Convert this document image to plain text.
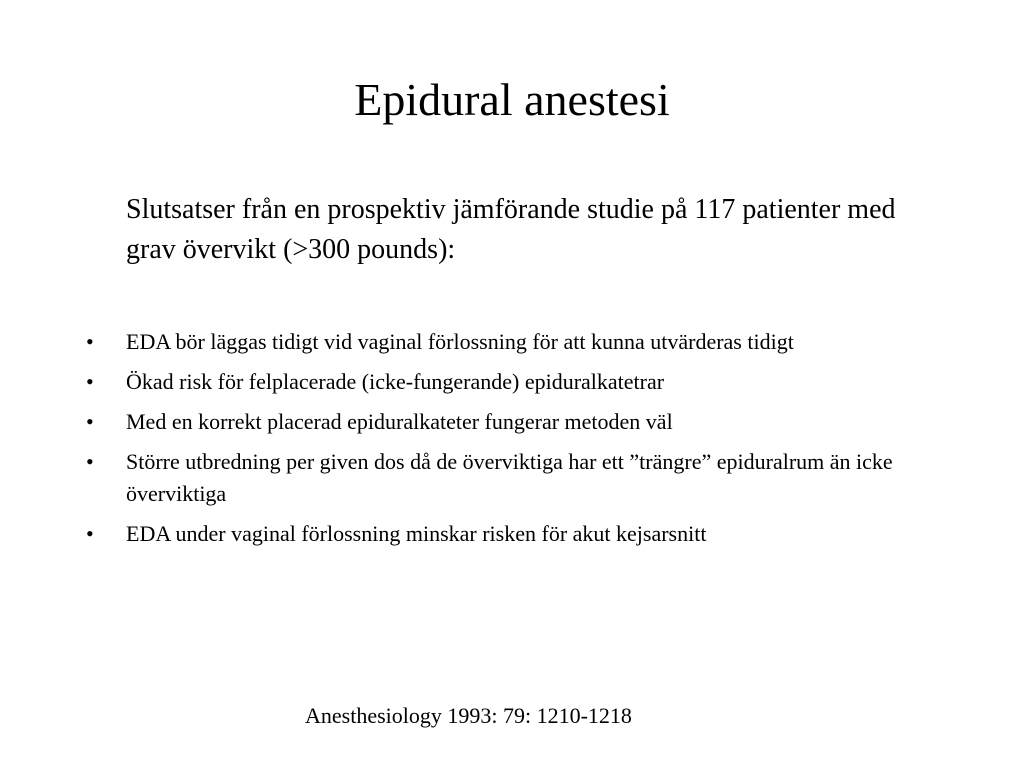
Epidural anestesi

Slutsatser från en prospektiv jämförande studie på 117 patienter med grav övervikt (>300 pounds):

•	EDA bör läggas tidigt vid vaginal förlossning för att kunna utvärderas tidigt
•	Ökad risk för felplacerade (icke-fungerande) epiduralkatetrar
•	Med en korrekt placerad epiduralkateter fungerar metoden väl
•	Större utbredning per given dos då de överviktiga har ett ”trängre” epiduralrum än icke överviktiga
•	EDA under vaginal förlossning minskar risken för akut kejsarsnitt

Anesthesiology 1993: 79: 1210-1218
